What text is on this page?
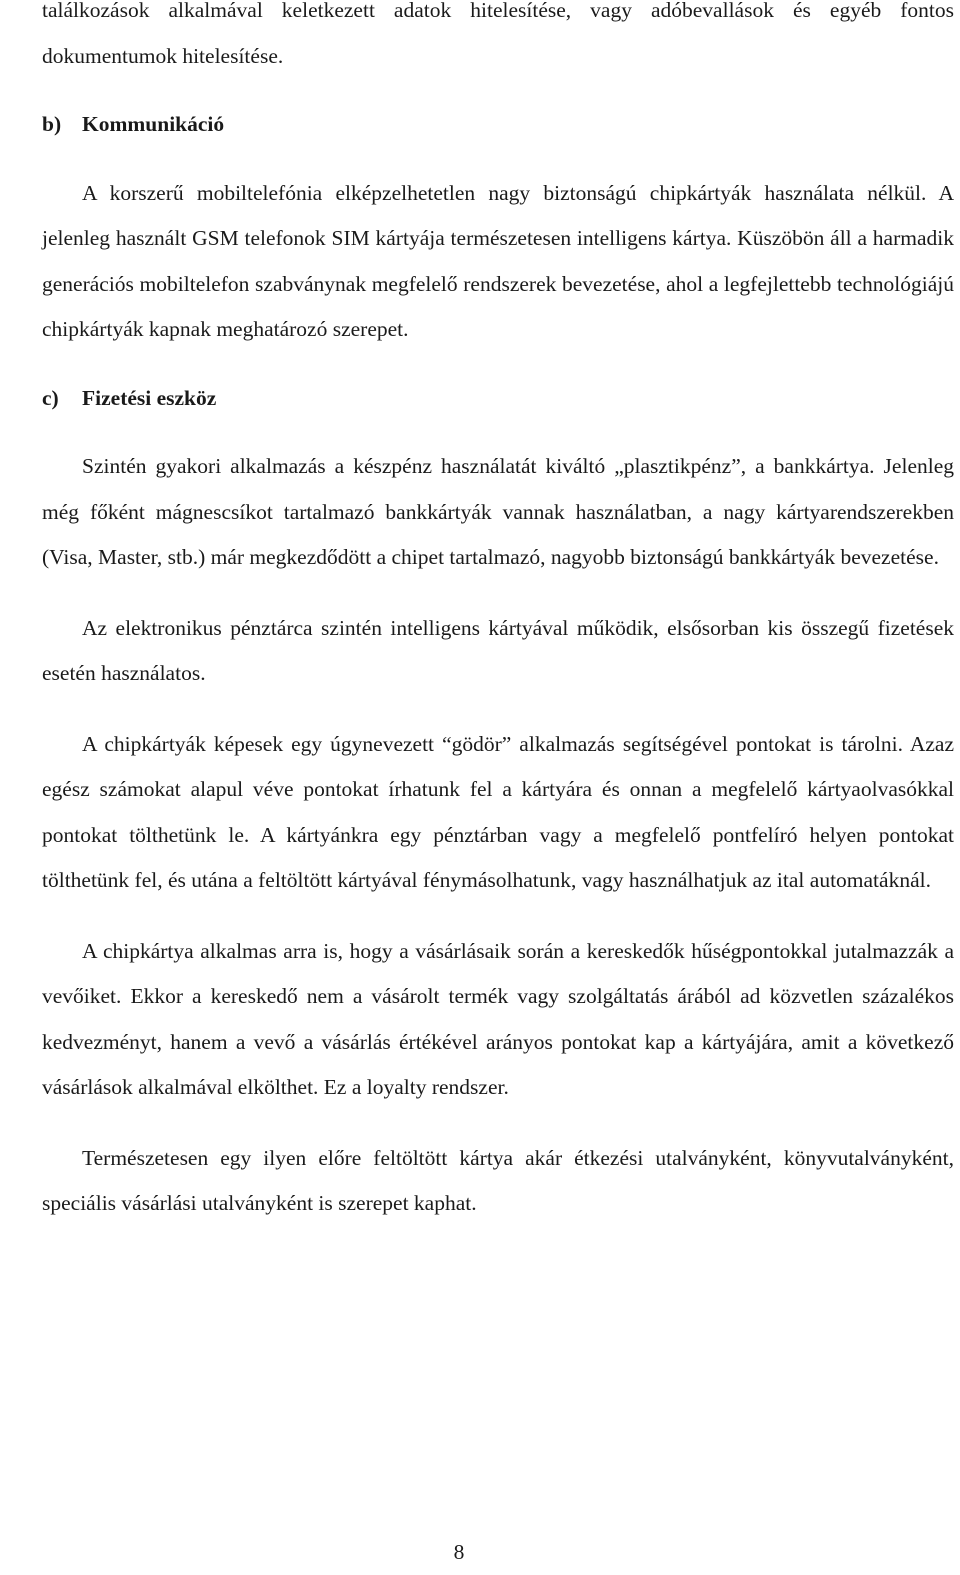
találkozások alkalmával keletkezett adatok hitelesítése, vagy adóbevallások és egyéb fontos dokumentumok hitelesítése.

b) Kommunikáció

A korszerű mobiltelefónia elképzelhetetlen nagy biztonságú chipkártyák használata nélkül. A jelenleg használt GSM telefonok SIM kártyája természetesen intelligens kártya. Küszöbön áll a harmadik generációs mobiltelefon szabványnak megfelelő rendszerek bevezetése, ahol a legfejlettebb technológiájú chipkártyák kapnak meghatározó szerepet.

c)	Fizetési eszköz

Szintén gyakori alkalmazás a készpénz használatát kiváltó „plasztikpénz”, a bankkártya. Jelenleg még főként mágnescsíkot tartalmazó bankkártyák vannak használatban, a nagy kártyarendszerekben (Visa, Master, stb.) már megkezdődött a chipet tartalmazó, nagyobb biztonságú bankkártyák bevezetése.

Az elektronikus pénztárca szintén intelligens kártyával működik, elsősorban kis összegű fizetések esetén használatos.

A chipkártyák képesek egy úgynevezett “gödör” alkalmazás segítségével pontokat is tárolni. Azaz egész számokat alapul véve pontokat írhatunk fel a kártyára és onnan a megfelelő kártyaolvasókkal pontokat tölthetünk le. A kártyánkra egy pénztárban vagy a megfelelő pontfelíró helyen pontokat tölthetünk fel, és utána a feltöltött kártyával fénymásolhatunk, vagy használhatjuk az ital automatáknál.

A chipkártya alkalmas arra is, hogy a vásárlásaik során a kereskedők hűségpontokkal jutalmazzák a vevőiket. Ekkor a kereskedő nem a vásárolt termék vagy szolgáltatás árából ad közvetlen százalékos kedvezményt, hanem a vevő a vásárlás értékével arányos pontokat kap a kártyájára, amit a következő vásárlások alkalmával elkölthet. Ez a loyalty rendszer.

Természetesen egy ilyen előre feltöltött kártya akár étkezési utalványként, könyvutalványként, speciális vásárlási utalványként is szerepet kaphat.

8
